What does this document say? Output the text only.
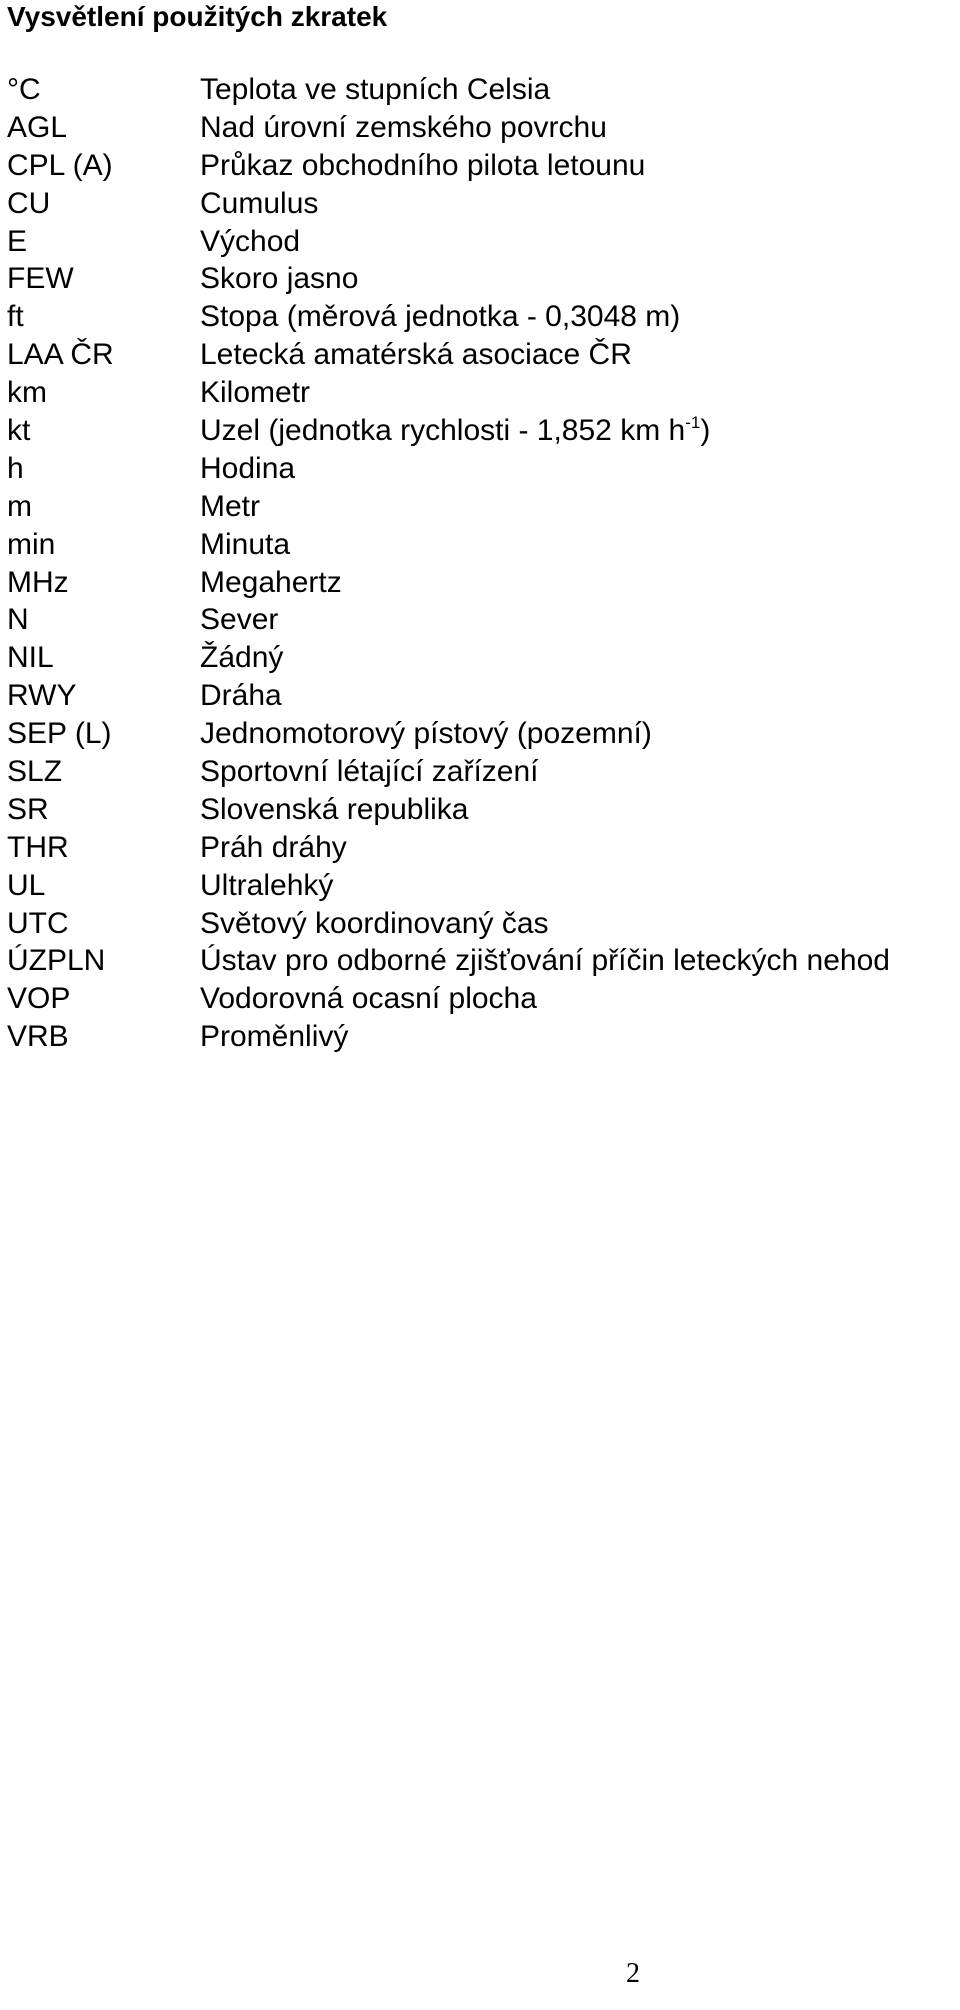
Vysvětlení použitých zkratek
°C	Teplota ve stupních Celsia
AGL	Nad úrovní zemského povrchu
CPL (A)	Průkaz obchodního pilota letounu
CU	Cumulus
E	Východ
FEW	Skoro jasno
ft	Stopa (měrová jednotka - 0,3048 m)
LAA ČR	Letecká amatérská asociace ČR
km	Kilometr
kt	Uzel (jednotka rychlosti - 1,852 km $h^{-1}$)
h	Hodina
m	Metr
min	Minuta
MHz	Megahertz
N	Sever
NIL	Žádný
RWY	Dráha
SEP (L)	Jednomotorový pístový (pozemní)
SLZ	Sportovní létající zařízení
SR	Slovenská republika
THR	Práh dráhy
UL	Ultralehký
UTC	Světový koordinovaný čas
ÚZPLN	Ústav pro odborné zjišťování příčin leteckých nehod
VOP	Vodorovná ocasní plocha
VRB	Proměnlivý
2
